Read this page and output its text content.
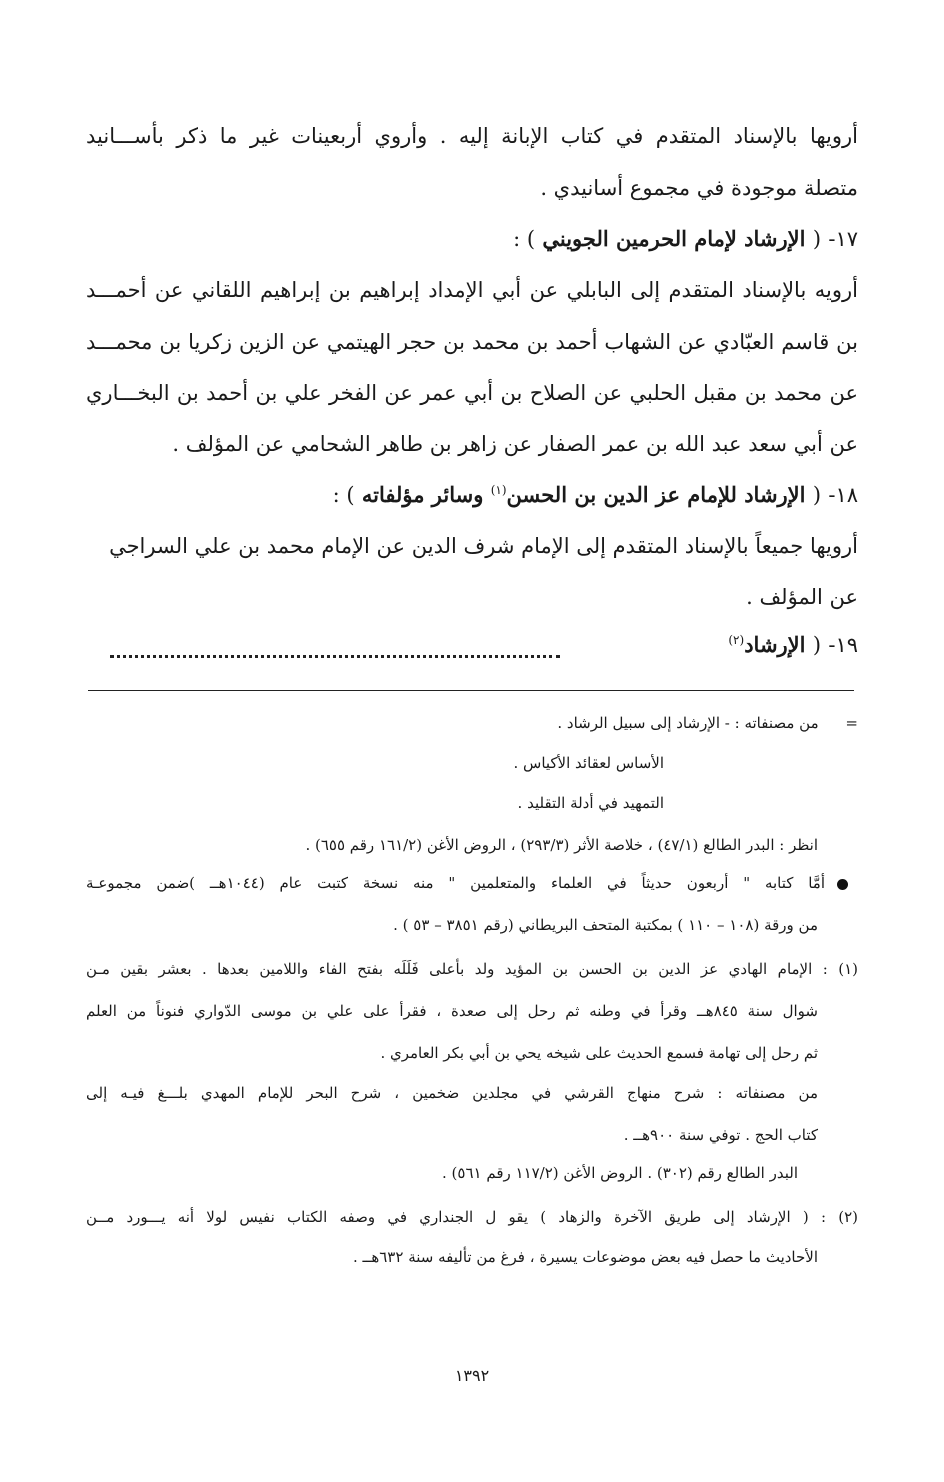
أرويها بالإسناد المتقدم في كتاب الإبانة إليه . وأروي أربعينات غير ما ذكر بأســـانيد
متصلة موجودة في مجموع أسانيدي .
١٧- ( الإرشاد لإمام الحرمين الجويني ) :
أرويه بالإسناد المتقدم إلى البابلي عن أبي الإمداد إبراهيم بن إبراهيم اللقاني عن أحمـــد
بن قاسم العبّادي عن الشهاب أحمد بن محمد بن حجر الهيتمي عن الزين زكريا بن محمـــد
عن محمد بن مقبل الحلبي عن الصلاح بن أبي عمر عن الفخر علي بن أحمد بن البخـــاري
عن أبي سعد عبد الله بن عمر الصفار عن زاهر بن طاهر الشحامي عن المؤلف .
١٨- ( الإرشاد للإمام عز الدين بن الحسن$^{(١)}$ وسائر مؤلفاته ) :
أرويها جميعاً بالإسناد المتقدم إلى الإمام شرف الدين عن الإمام محمد بن علي السراجي
عن المؤلف .
١٩- ( الإرشاد$^{(٢)}$
= من مصنفاته : - الإرشاد إلى سبيل الرشاد .
الأساس لعقائد الأكياس .
التمهيد في أدلة التقليد .
انظر : البدر الطالع (٤٧/١) ، خلاصة الأثر (٢٩٣/٣) ، الروض الأغن (١٦١/٢ رقم ٦٥٥) .
أمَّا كتابه " أربعون حديثاً في العلماء والمتعلمين " منه نسخة كتبت عام (١٠٤٤هــ )ضمن مجموعـة
من ورقة (١٠٨ – ١١٠ ) بمكتبة المتحف البريطاني (رقم ٣٨٥١ – ٥٣ ) .
(١) : الإمام الهادي عز الدين بن الحسن بن المؤيد ولد بأعلى فَلَلَه بفتح الفاء واللامين بعدها . بعشر بقين مـن
شوال سنة ٨٤٥هــ وقرأ في وطنه ثم رحل إلى صعدة ، فقرأ على علي بن موسى الدّواري فنوناً من العلم
ثم رحل إلى تهامة فسمع الحديث على شيخه يحي بن أبي بكر العامري .
من مصنفاته : شرح منهاج القرشي في مجلدين ضخمين ، شرح البحر للإمام المهدي بلـــغ فيـه إلى
كتاب الحج . توفي سنة ٩٠٠هــ .
البدر الطالع رقم (٣٠٢) . الروض الأغن (١١٧/٢ رقم ٥٦١) .
(٢) : ( الإرشاد إلى طريق الآخرة والزهاد ) يقو ل الجنداري في وصفه الكتاب نفيس لولا أنه يـــورد مــن
الأحاديث ما حصل فيه بعض موضوعات يسيرة ، فرغ من تأليفه سنة ٦٣٢هــ .
١٣٩٢
